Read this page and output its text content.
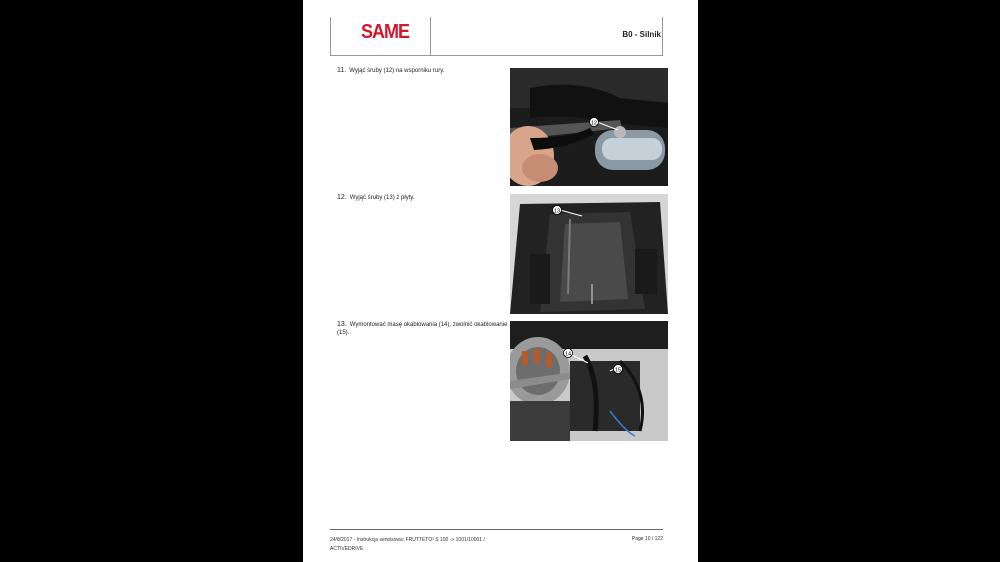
SAME	B0 - Silnik
11. Wyjąć śruby (12) na wsporniku rury.
12
12. Wyjąć śruby (13) z płyty.
13
13. Wymontować masę okablowania (14), zwolnić okablowanie (15).
14
15
24/8/2017 - Instrukcja serwisowa: FRUTTETO³ S 100 -> 1001/10001 /
ACTIVEDRIVE
Page 10 / 122
